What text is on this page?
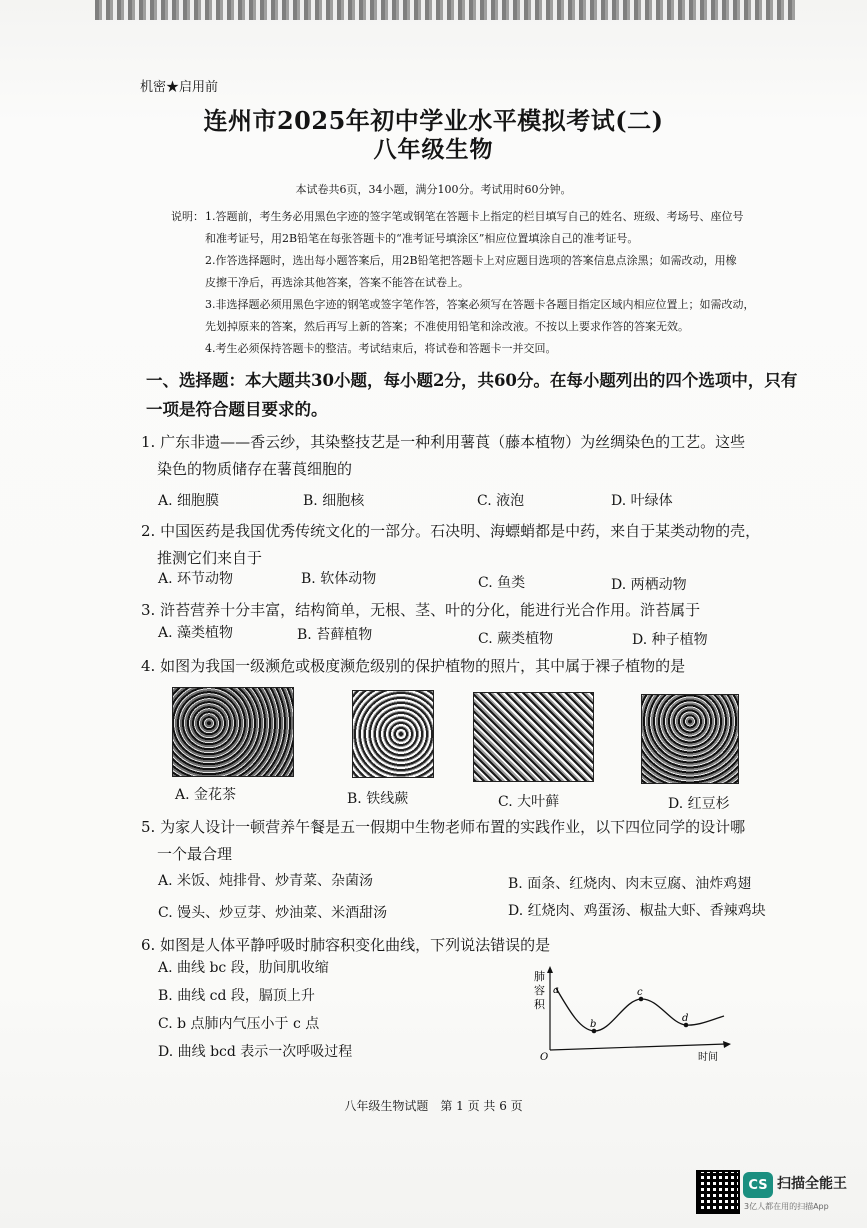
机密★启用前
连州市2025年初中学业水平模拟考试(二)
八年级生物
本试卷共6页，34小题，满分100分。考试用时60分钟。
说明： 1.答题前，考生务必用黑色字迹的签字笔或钢笔在答题卡上指定的栏目填写自己的姓名、班级、考场号、座位号
和准考证号，用2B铅笔在每张答题卡的“准考证号填涂区”相应位置填涂自己的准考证号。
2.作答选择题时，选出每小题答案后，用2B铅笔把答题卡上对应题目选项的答案信息点涂黑；如需改动，用橡
皮擦干净后，再选涂其他答案，答案不能答在试卷上。
3.非选择题必须用黑色字迹的钢笔或签字笔作答，答案必须写在答题卡各题目指定区域内相应位置上；如需改动，
先划掉原来的答案，然后再写上新的答案；不准使用铅笔和涂改液。不按以上要求作答的答案无效。
4.考生必须保持答题卡的整洁。考试结束后，将试卷和答题卡一并交回。
一、选择题：本大题共30小题，每小题2分，共60分。在每小题列出的四个选项中，只有
一项是符合题目要求的。
1. 广东非遗——香云纱，其染整技艺是一种利用薯莨（藤本植物）为丝绸染色的工艺。这些
染色的物质储存在薯莨细胞的
A. 细胞膜	B. 细胞核	C. 液泡	D. 叶绿体
2. 中国医药是我国优秀传统文化的一部分。石决明、海螵蛸都是中药，来自于某类动物的壳，
推测它们来自于
A. 环节动物	B. 软体动物	C. 鱼类	D. 两栖动物
3. 浒苔营养十分丰富，结构简单，无根、茎、叶的分化，能进行光合作用。浒苔属于
A. 藻类植物	B. 苔藓植物	C. 蕨类植物	D. 种子植物
4. 如图为我国一级濒危或极度濒危级别的保护植物的照片，其中属于裸子植物的是
A. 金花茶	B. 铁线蕨	C. 大叶藓	D. 红豆杉
5. 为家人设计一顿营养午餐是五一假期中生物老师布置的实践作业，以下四位同学的设计哪
一个最合理
A. 米饭、炖排骨、炒青菜、杂菌汤	B. 面条、红烧肉、肉末豆腐、油炸鸡翅
C. 馒头、炒豆芽、炒油菜、米酒甜汤	D. 红烧肉、鸡蛋汤、椒盐大虾、香辣鸡块
6. 如图是人体平静呼吸时肺容积变化曲线，下列说法错误的是
A. 曲线 bc 段，肋间肌收缩
B. 曲线 cd 段，膈顶上升
C. b 点肺内气压小于 c 点
D. 曲线 bcd 表示一次呼吸过程
肺
容
积
a
b
c
d
O	时间
八年级生物试题　第 1 页 共 6 页
CS 扫描全能王
3亿人都在用的扫描App
